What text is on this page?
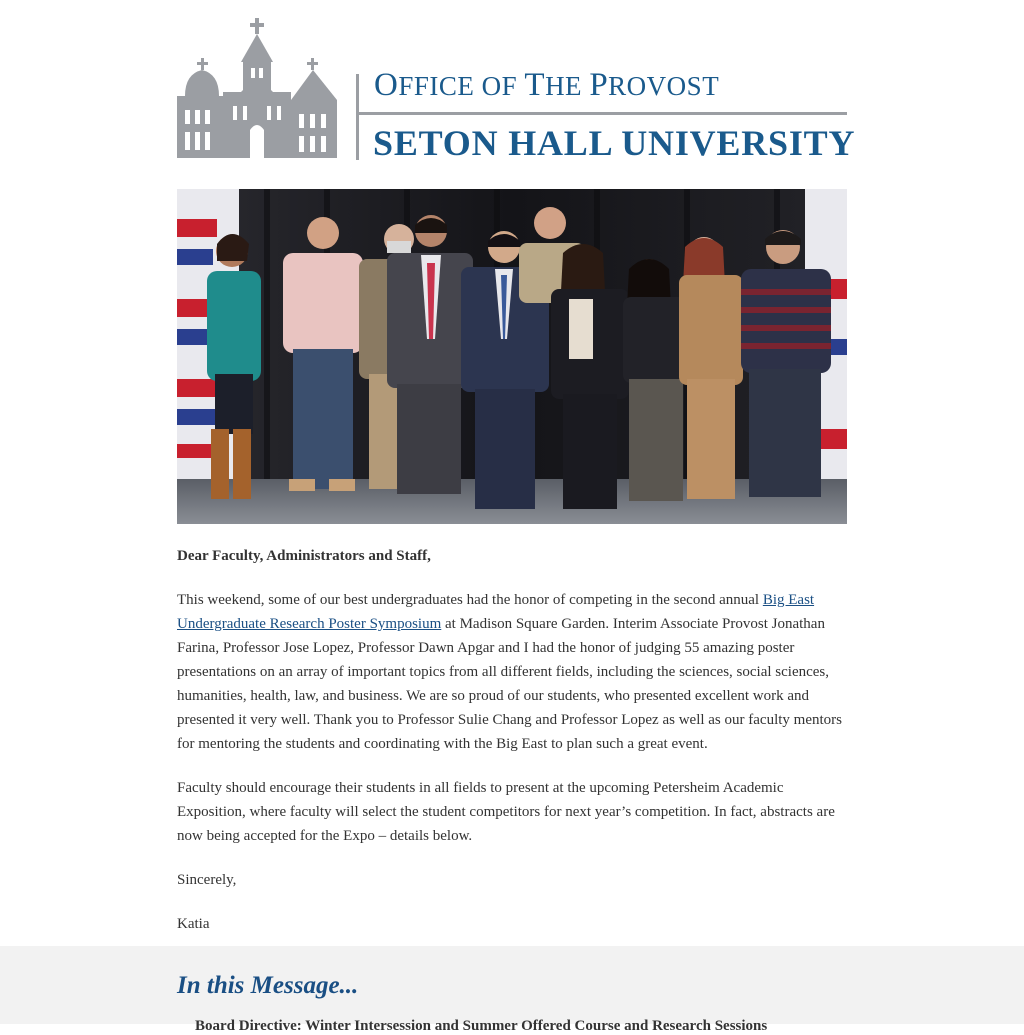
OFFICE OF THE PROVOST
SETON HALL UNIVERSITY

Dear Faculty, Administrators and Staff,

This weekend, some of our best undergraduates had the honor of competing in the second annual Big East Undergraduate Research Poster Symposium at Madison Square Garden. Interim Associate Provost Jonathan Farina, Professor Jose Lopez, Professor Dawn Apgar and I had the honor of judging 55 amazing poster presentations on an array of important topics from all different fields, including the sciences, social sciences, humanities, health, law, and business. We are so proud of our students, who presented excellent work and presented it very well. Thank you to Professor Sulie Chang and Professor Lopez as well as our faculty mentors for mentoring the students and coordinating with the Big East to plan such a great event.

Faculty should encourage their students in all fields to present at the upcoming Petersheim Academic Exposition, where faculty will select the student competitors for next year’s competition. In fact, abstracts are now being accepted for the Expo – details below.

Sincerely,

Katia

In this Message...
Board Directive: Winter Intersession and Summer Offered Course and Research Sessions
